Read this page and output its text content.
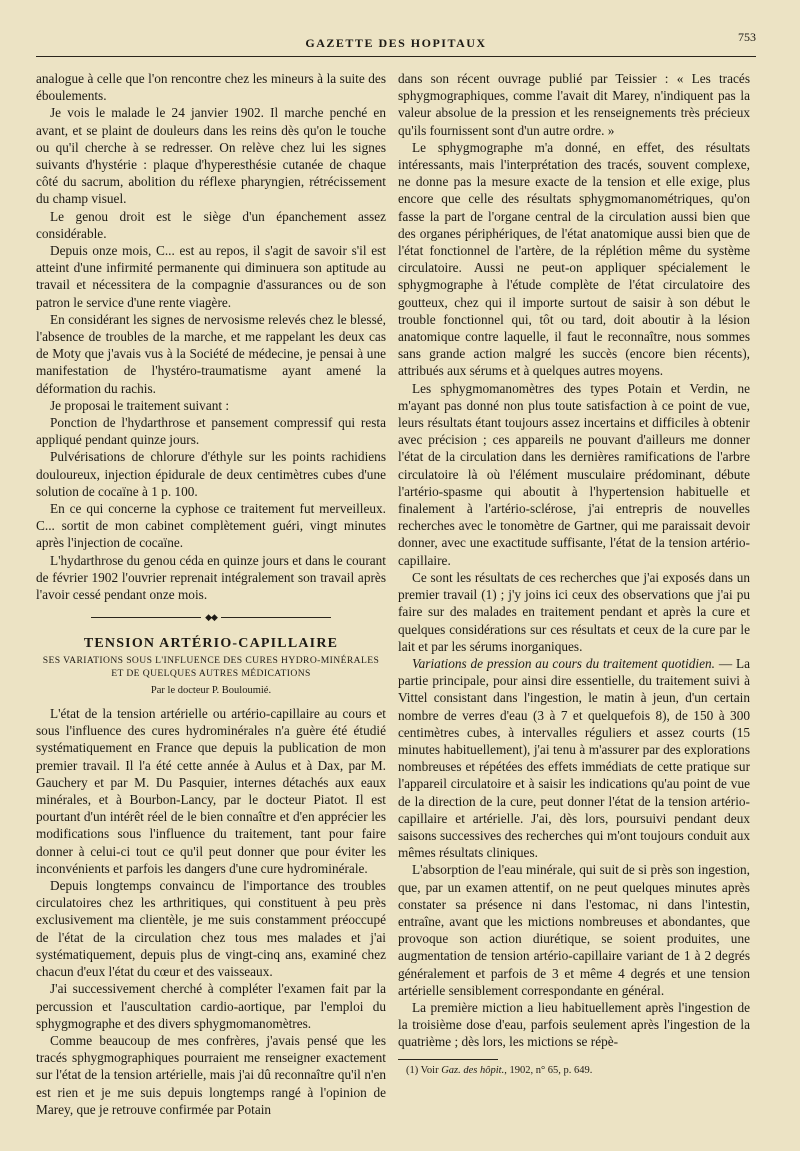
GAZETTE DES HOPITAUX	753

analogue à celle que l'on rencontre chez les mineurs à la suite des éboulements.

Je vois le malade le 24 janvier 1902. Il marche penché en avant, et se plaint de douleurs dans les reins dès qu'on le touche ou qu'il cherche à se redresser. On relève chez lui les signes suivants d'hystérie : plaque d'hyperesthésie cutanée de chaque côté du sacrum, abolition du réflexe pharyngien, rétrécissement du champ visuel.

Le genou droit est le siège d'un épanchement assez considérable.

Depuis onze mois, C... est au repos, il s'agit de savoir s'il est atteint d'une infirmité permanente qui diminuera son aptitude au travail et nécessitera de la compagnie d'assurances ou de son patron le service d'une rente viagère.

En considérant les signes de nervosisme relevés chez le blessé, l'absence de troubles de la marche, et me rappelant les deux cas de Moty que j'avais vus à la Société de médecine, je pensai à une manifestation de l'hystéro-traumatisme ayant amené la déformation du rachis.

Je proposai le traitement suivant :

Ponction de l'hydarthrose et pansement compressif qui resta appliqué pendant quinze jours.

Pulvérisations de chlorure d'éthyle sur les points rachidiens douloureux, injection épidurale de deux centimètres cubes d'une solution de cocaïne à 1 p. 100.

En ce qui concerne la cyphose ce traitement fut merveilleux. C... sortit de mon cabinet complètement guéri, vingt minutes après l'injection de cocaïne.

L'hydarthrose du genou céda en quinze jours et dans le courant de février 1902 l'ouvrier reprenait intégralement son travail après l'avoir cessé pendant onze mois.

◆◆
TENSION ARTÉRIO-CAPILLAIRE
SES VARIATIONS SOUS L'INFLUENCE DES CURES HYDRO-MINÉRALES
ET DE QUELQUES AUTRES MÉDICATIONS
Par le docteur P. Bouloumié.

L'état de la tension artérielle ou artério-capillaire au cours et sous l'influence des cures hydrominérales n'a guère été étudié systématiquement en France que depuis la publication de mon premier travail. Il l'a été cette année à Aulus et à Dax, par M. Gauchery et par M. Du Pasquier, internes détachés aux eaux minérales, et à Bourbon-Lancy, par le docteur Piatot. Il est pourtant d'un intérêt réel de le bien connaître et d'en apprécier les modifications sous l'influence du traitement, tant pour faire donner à celui-ci tout ce qu'il peut donner que pour éviter les inconvénients et parfois les dangers d'une cure hydrominérale.

Depuis longtemps convaincu de l'importance des troubles circulatoires chez les arthritiques, qui constituent à peu près exclusivement ma clientèle, je me suis constamment préoccupé de l'état de la circulation chez tous mes malades et j'ai systématiquement, depuis plus de vingt-cinq ans, examiné chez chacun d'eux l'état du cœur et des vaisseaux.

J'ai successivement cherché à compléter l'examen fait par la percussion et l'auscultation cardio-aortique, par l'emploi du sphygmographe et des divers sphygmomanomètres.

Comme beaucoup de mes confrères, j'avais pensé que les tracés sphygmographiques pourraient me renseigner exactement sur l'état de la tension artérielle, mais j'ai dû reconnaître qu'il n'en est rien et je me suis depuis longtemps rangé à l'opinion de Marey, que je retrouve confirmée par Potain

dans son récent ouvrage publié par Teissier : « Les tracés sphygmographiques, comme l'avait dit Marey, n'indiquent pas la valeur absolue de la pression et les renseignements très précieux qu'ils fournissent sont d'un autre ordre. »

Le sphygmographe m'a donné, en effet, des résultats intéressants, mais l'interprétation des tracés, souvent complexe, ne donne pas la mesure exacte de la tension et elle exige, plus encore que celle des résultats sphygmomanométriques, qu'on fasse la part de l'organe central de la circulation aussi bien que des organes périphériques, de l'état anatomique aussi bien que de l'état fonctionnel de l'artère, de la réplétion même du système circulatoire. Aussi ne peut-on appliquer spécialement le sphygmographe à l'étude complète de l'état circulatoire des goutteux, chez qui il importe surtout de saisir à son début le trouble fonctionnel qui, tôt ou tard, doit aboutir à la lésion anatomique contre laquelle, il faut le reconnaître, nous sommes sans grande action malgré les succès (encore bien récents), attribués aux sérums et à quelques autres moyens.

Les sphygmomanomètres des types Potain et Verdin, ne m'ayant pas donné non plus toute satisfaction à ce point de vue, leurs résultats étant toujours assez incertains et difficiles à obtenir avec précision ; ces appareils ne pouvant d'ailleurs me donner l'état de la circulation dans les dernières ramifications de l'arbre circulatoire là où l'élément musculaire prédominant, débute l'artério-spasme qui aboutit à l'hypertension habituelle et finalement à l'artério-sclérose, j'ai entrepris de nouvelles recherches avec le tonomètre de Gartner, qui me paraissait devoir donner, avec une exactitude suffisante, l'état de la tension artério-capillaire.

Ce sont les résultats de ces recherches que j'ai exposés dans un premier travail (1) ; j'y joins ici ceux des observations que j'ai pu faire sur des malades en traitement pendant et après la cure et quelques considérations sur ces résultats et ceux de la cure par le lait et par les sérums inorganiques.

Variations de pression au cours du traitement quotidien. — La partie principale, pour ainsi dire essentielle, du traitement suivi à Vittel consistant dans l'ingestion, le matin à jeun, d'un certain nombre de verres d'eau (3 à 7 et quelquefois 8), de 150 à 300 centimètres cubes, à intervalles réguliers et assez courts (15 minutes habituellement), j'ai tenu à m'assurer par des explorations nombreuses et répétées des effets immédiats de cette pratique sur l'appareil circulatoire et à saisir les indications qu'au point de vue de la direction de la cure, peut donner l'état de la tension artério-capillaire et artérielle. J'ai, dès lors, poursuivi pendant deux saisons successives des recherches qui m'ont toujours conduit aux mêmes résultats cliniques.

L'absorption de l'eau minérale, qui suit de si près son ingestion, que, par un examen attentif, on ne peut quelques minutes après constater sa présence ni dans l'estomac, ni dans l'intestin, entraîne, avant que les mictions nombreuses et abondantes, que provoque son action diurétique, se soient produites, une augmentation de tension artério-capillaire variant de 1 à 2 degrés généralement et parfois de 3 et même 4 degrés et une tension artérielle sensiblement correspondante en général.

La première miction a lieu habituellement après l'ingestion de la troisième dose d'eau, parfois seulement après l'ingestion de la quatrième ; dès lors, les mictions se répè-

(1) Voir Gaz. des hôpit., 1902, n° 65, p. 649.
